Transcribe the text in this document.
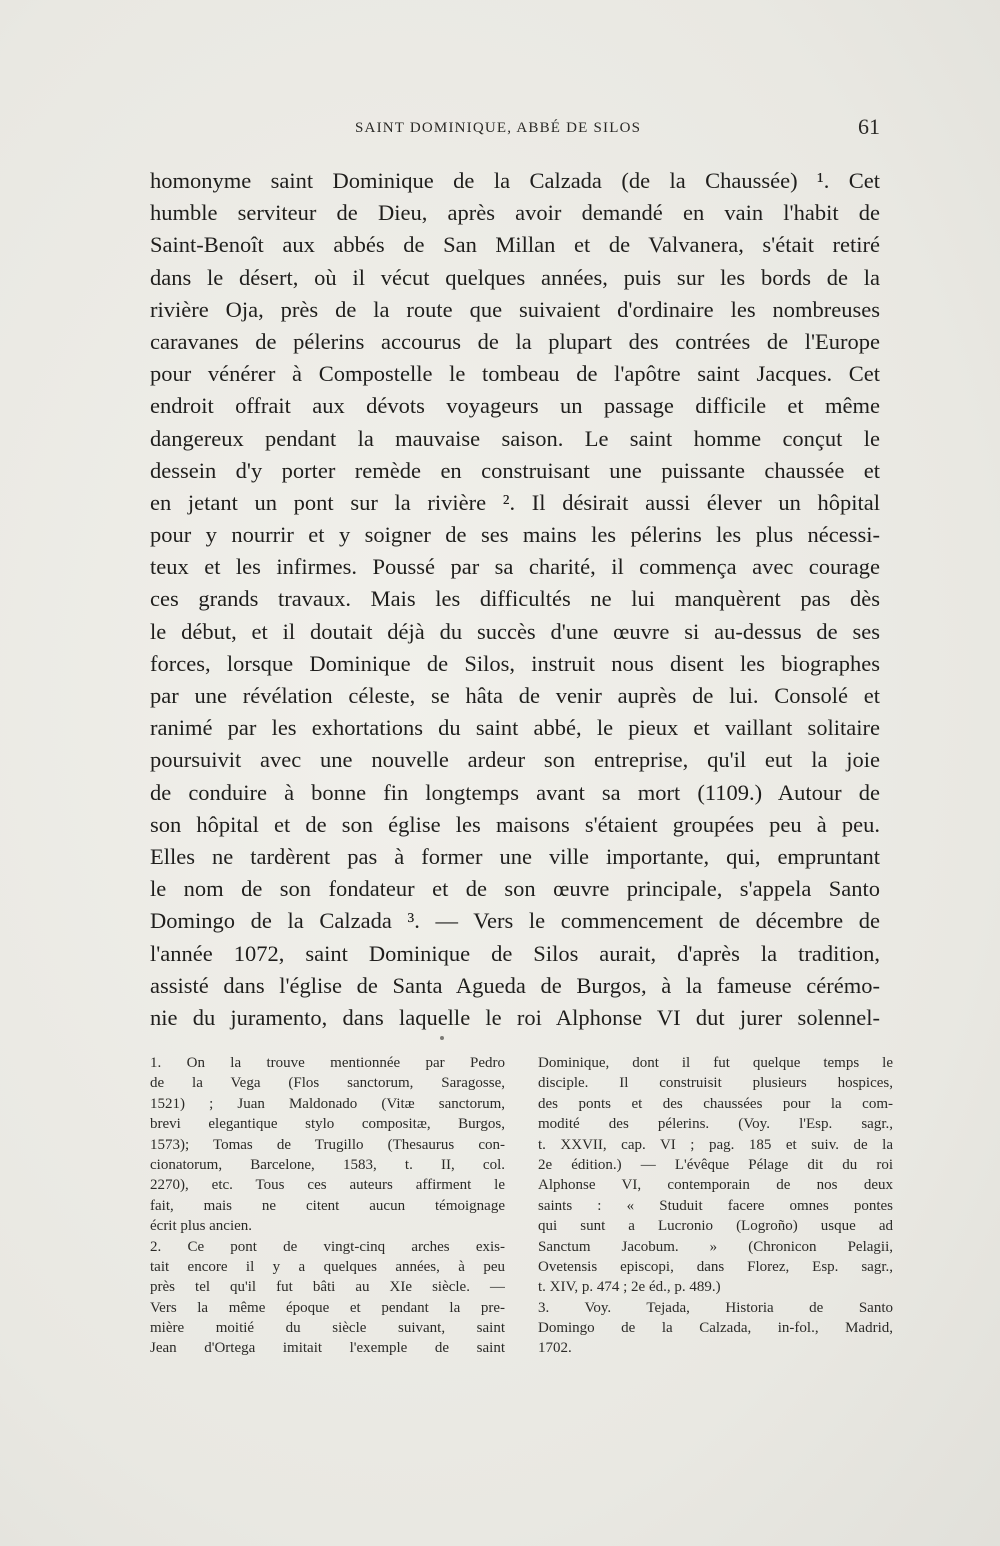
SAINT DOMINIQUE, ABBÉ DE SILOS	61
homonyme saint Dominique de la Calzada (de la Chaussée) ¹. Cet
humble serviteur de Dieu, après avoir demandé en vain l'habit de
Saint-Benoît aux abbés de San Millan et de Valvanera, s'était retiré
dans le désert, où il vécut quelques années, puis sur les bords de la
rivière Oja, près de la route que suivaient d'ordinaire les nombreuses
caravanes de pélerins accourus de la plupart des contrées de l'Europe
pour vénérer à Compostelle le tombeau de l'apôtre saint Jacques. Cet
endroit offrait aux dévots voyageurs un passage difficile et même
dangereux pendant la mauvaise saison. Le saint homme conçut le
dessein d'y porter remède en construisant une puissante chaussée et
en jetant un pont sur la rivière ². Il désirait aussi élever un hôpital
pour y nourrir et y soigner de ses mains les pélerins les plus nécessi-
teux et les infirmes. Poussé par sa charité, il commença avec courage
ces grands travaux. Mais les difficultés ne lui manquèrent pas dès
le début, et il doutait déjà du succès d'une œuvre si au-dessus de ses
forces, lorsque Dominique de Silos, instruit nous disent les biographes
par une révélation céleste, se hâta de venir auprès de lui. Consolé et
ranimé par les exhortations du saint abbé, le pieux et vaillant solitaire
poursuivit avec une nouvelle ardeur son entreprise, qu'il eut la joie
de conduire à bonne fin longtemps avant sa mort (1109.) Autour de
son hôpital et de son église les maisons s'étaient groupées peu à peu.
Elles ne tardèrent pas à former une ville importante, qui, empruntant
le nom de son fondateur et de son œuvre principale, s'appela Santo
Domingo de la Calzada ³. — Vers le commencement de décembre de
l'année 1072, saint Dominique de Silos aurait, d'après la tradition,
assisté dans l'église de Santa Agueda de Burgos, à la fameuse cérémo-
nie du juramento, dans laquelle le roi Alphonse VI dut jurer solennel-
1. On la trouve mentionnée par Pedro
de la Vega (Flos sanctorum, Saragosse,
1521) ; Juan Maldonado (Vitæ sanctorum,
brevi elegantique stylo compositæ, Burgos,
1573); Tomas de Trugillo (Thesaurus con-
cionatorum, Barcelone, 1583, t. II, col.
2270), etc. Tous ces auteurs affirment le
fait, mais ne citent aucun témoignage
écrit plus ancien.
2. Ce pont de vingt-cinq arches exis-
tait encore il y a quelques années, à peu
près tel qu'il fut bâti au XIe siècle. —
Vers la même époque et pendant la pre-
mière moitié du siècle suivant, saint
Jean d'Ortega imitait l'exemple de saint
Dominique, dont il fut quelque temps le
disciple. Il construisit plusieurs hospices,
des ponts et des chaussées pour la com-
modité des pélerins. (Voy. l'Esp. sagr.,
t. XXVII, cap. VI ; pag. 185 et suiv. de la
2e édition.) — L'évêque Pélage dit du roi
Alphonse VI, contemporain de nos deux
saints : « Studuit facere omnes pontes
qui sunt a Lucronio (Logroño) usque ad
Sanctum Jacobum. » (Chronicon Pelagii,
Ovetensis episcopi, dans Florez, Esp. sagr.,
t. XIV, p. 474 ; 2e éd., p. 489.)
3. Voy. Tejada, Historia de Santo
Domingo de la Calzada, in-fol., Madrid,
1702.
